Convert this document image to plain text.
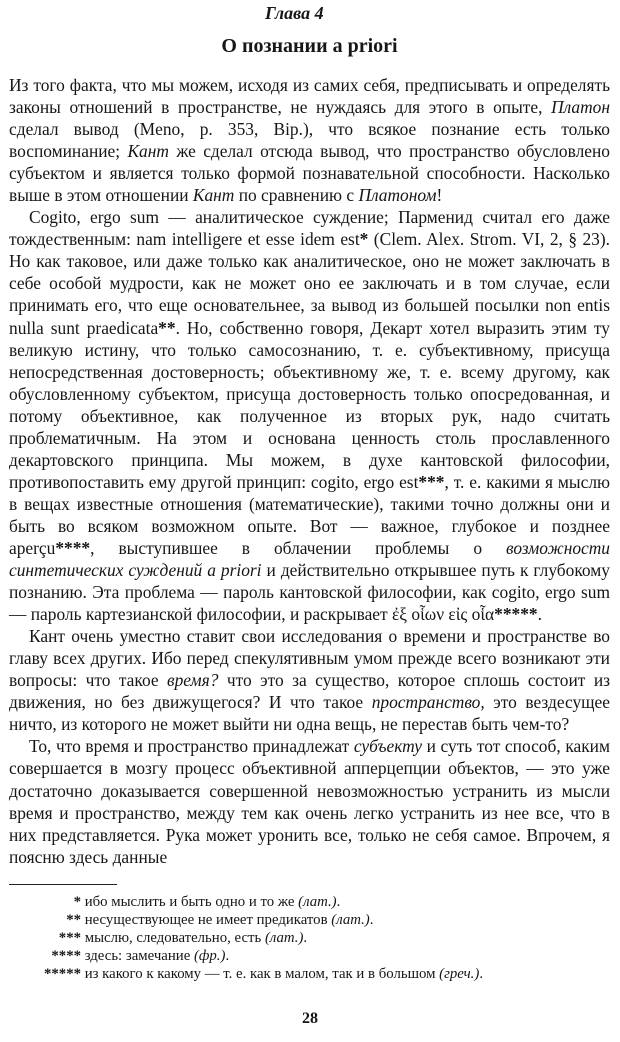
Глава 4
О познании a priori

Из того факта, что мы можем, исходя из самих себя, предписывать и определять законы отношений в пространстве, не нуждаясь для этого в опыте, Платон сделал вывод (Meno, p. 353, Bip.), что всякое познание есть только воспоминание; Кант же сделал отсюда вывод, что пространство обусловлено субъектом и является только формой познавательной способности. Насколько выше в этом отношении Кант по сравнению с Платоном!

Cogito, ergo sum — аналитическое суждение; Парменид считал его даже тождественным: nam intelligere et esse idem est* (Clem. Alex. Strom. VI, 2, § 23). Но как таковое, или даже только как аналитическое, оно не может заключать в себе особой мудрости, как не может оно ее заключать и в том случае, если принимать его, что еще основательнее, за вывод из большей посылки non entis nulla sunt praedicata**. Но, собственно говоря, Декарт хотел выразить этим ту великую истину, что только самосознанию, т. е. субъективному, присуща непосредственная достоверность; объективному же, т. е. всему другому, как обусловленному субъектом, присуща достоверность только опосредованная, и потому объективное, как полученное из вторых рук, надо считать проблематичным. На этом и основана ценность столь прославленного декартовского принципа. Мы можем, в духе кантовской философии, противопоставить ему другой принцип: cogito, ergo est***, т. е. какими я мыслю в вещах известные отношения (математические), такими точно должны они и быть во всяком возможном опыте. Вот — важное, глубокое и позднее aperçu****, выступившее в облачении проблемы о возможности синтетических суждений a priori и действительно открывшее путь к глубокому познанию. Эта проблема — пароль кантовской философии, как cogito, ergo sum — пароль картезианской философии, и раскрывает ἐξ οἷων εἰς οἷα*****.

Кант очень уместно ставит свои исследования о времени и пространстве во главу всех других. Ибо перед спекулятивным умом прежде всего возникают эти вопросы: что такое время? что это за существо, которое сплошь состоит из движения, но без движущегося? И что такое пространство, это вездесущее ничто, из которого не может выйти ни одна вещь, не перестав быть чем-то?

То, что время и пространство принадлежат субъекту и суть тот способ, каким совершается в мозгу процесс объективной апперцепции объектов, — это уже достаточно доказывается совершенной невозможностью устранить из мысли время и пространство, между тем как очень легко устранить из нее все, что в них представляется. Рука может уронить все, только не себя самое. Впрочем, я поясню здесь данные

* ибо мыслить и быть одно и то же (лат.).
** несуществующее не имеет предикатов (лат.).
*** мыслю, следовательно, есть (лат.).
**** здесь: замечание (фр.).
***** из какого к какому — т. е. как в малом, так и в большом (греч.).
28
